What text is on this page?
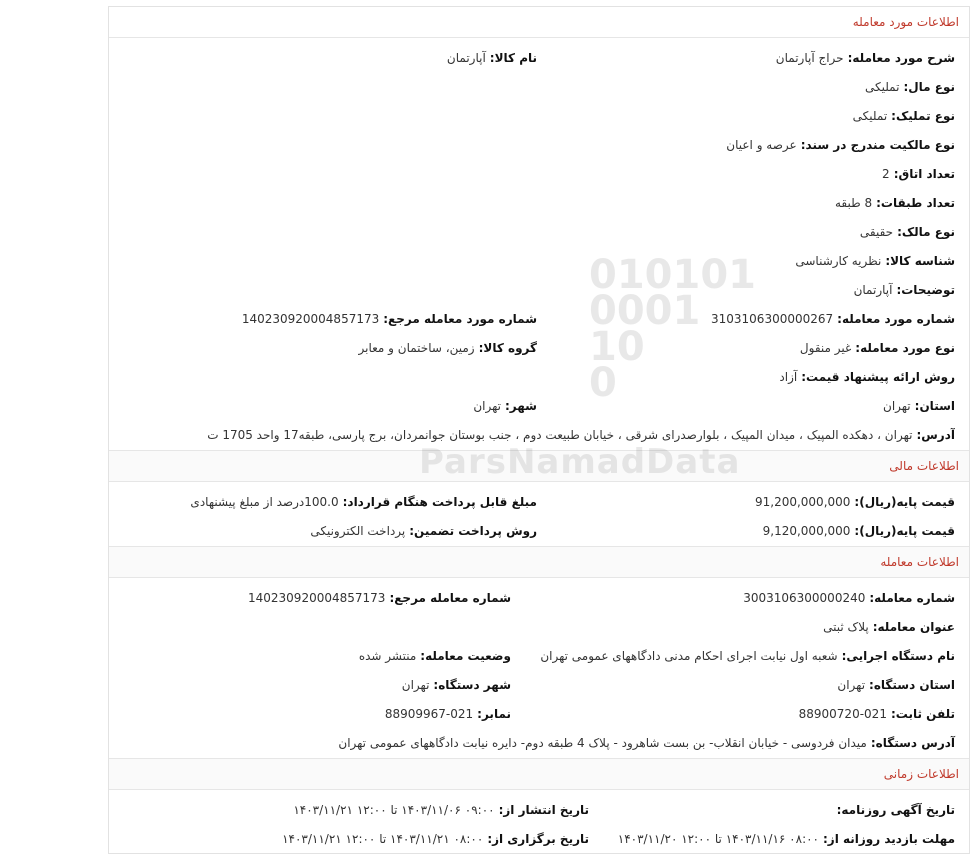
اطلاعات مورد معامله
شرح مورد معامله:حراج آپارتمان
نام کالا:آپارتمان
نوع مال:تملیکی
نوع تملیک:تملیکی
نوع مالکیت مندرج در سند:عرصه و اعیان
تعداد اتاق:2
تعداد طبقات:8 طبقه
نوع مالک:حقیقی
شناسه کالا:نظریه کارشناسی
توضیحات:آپارتمان
شماره مورد معامله:3103106300000267
شماره مورد معامله مرجع:140230920004857173
نوع مورد معامله:غیر منقول
گروه کالا:زمین، ساختمان و معابر
روش ارائه پیشنهاد قیمت:آزاد
استان:تهران
شهر:تهران
آدرس:تهران ، دهکده المپیک ، میدان المپیک ، بلوارصدرای شرقی ، خیابان طبیعت دوم ، جنب بوستان جوانمردان، برج پارسی، طبقه17 واحد 1705 ت
اطلاعات مالی
قیمت پایه(ریال):91,200,000,000
مبلغ قابل پرداخت هنگام قرارداد:100.0درصد از مبلغ پیشنهادی
قیمت پایه(ریال):9,120,000,000
روش پرداخت تضمین:پرداخت الکترونیکی
اطلاعات معامله
شماره معامله:3003106300000240
شماره معامله مرجع:140230920004857173
عنوان معامله:پلاک ثبتی
نام دستگاه اجرایی:شعبه اول نیابت اجرای احکام مدنی دادگاههای عمومی تهران
وضعیت معامله:منتشر شده
استان دستگاه:تهران
شهر دستگاه:تهران
تلفن ثابت:021-88900720
نمابر:021-88909967
آدرس دستگاه:میدان فردوسی - خیابان انقلاب- بن بست شاهرود - پلاک 4 طبقه دوم- دایره نیابت دادگاههای عمومی تهران
اطلاعات زمانی
تاریخ آگهی روزنامه:
تاریخ انتشار از:۰۹:۰۰ ۱۴۰۳/۱۱/۰۶ تا ۱۲:۰۰ ۱۴۰۳/۱۱/۲۱
مهلت بازدید روزانه از:۰۸:۰۰ ۱۴۰۳/۱۱/۱۶ تا ۱۲:۰۰ ۱۴۰۳/۱۱/۲۰
تاریخ برگزاری از:۰۸:۰۰ ۱۴۰۳/۱۱/۲۱ تا ۱۲:۰۰ ۱۴۰۳/۱۱/۲۱
010101
0001
10
0
